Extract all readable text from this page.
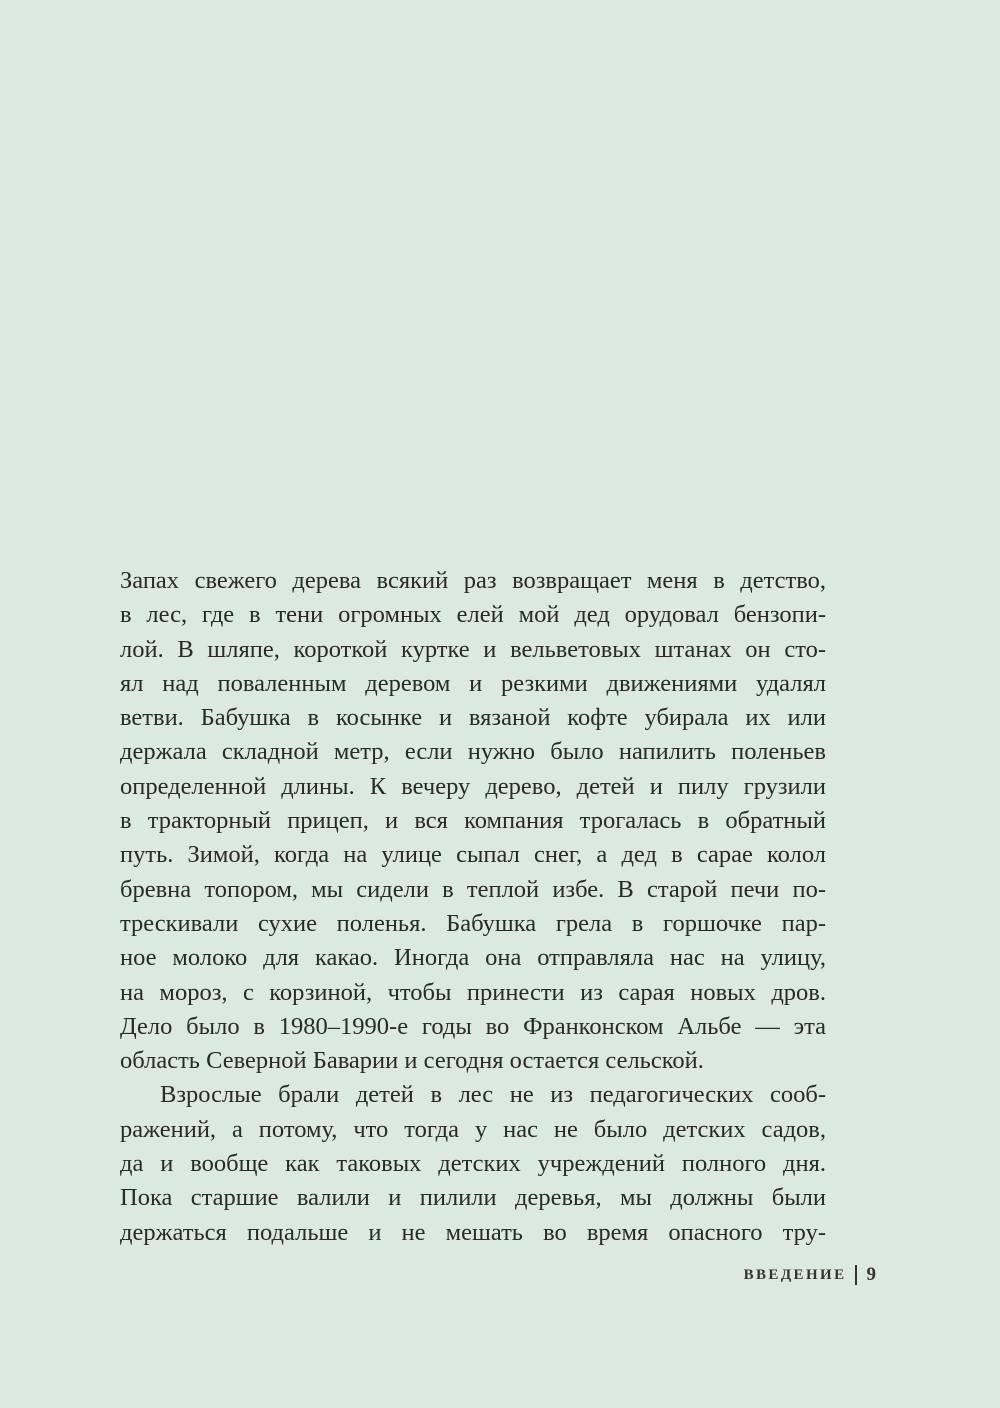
Запах свежего дерева всякий раз возвращает меня в детство,
в лес, где в тени огромных елей мой дед орудовал бензопи-
лой. В шляпе, короткой куртке и вельветовых штанах он сто-
ял над поваленным деревом и резкими движениями удалял
ветви. Бабушка в косынке и вязаной кофте убирала их или
держала складной метр, если нужно было напилить поленьев
определенной длины. К вечеру дерево, детей и пилу грузили
в тракторный прицеп, и вся компания трогалась в обратный
путь. Зимой, когда на улице сыпал снег, а дед в сарае колол
бревна топором, мы сидели в теплой избе. В старой печи по-
трескивали сухие поленья. Бабушка грела в горшочке пар-
ное молоко для какао. Иногда она отправляла нас на улицу,
на мороз, с корзиной, чтобы принести из сарая новых дров.
Дело было в 1980–1990-е годы во Франконском Альбе — эта
область Северной Баварии и сегодня остается сельской.
Взрослые брали детей в лес не из педагогических сооб-
ражений, а потому, что тогда у нас не было детских садов,
да и вообще как таковых детских учреждений полного дня.
Пока старшие валили и пилили деревья, мы должны были
держаться подальше и не мешать во время опасного тру-
ВВЕДЕНИЕ 9
